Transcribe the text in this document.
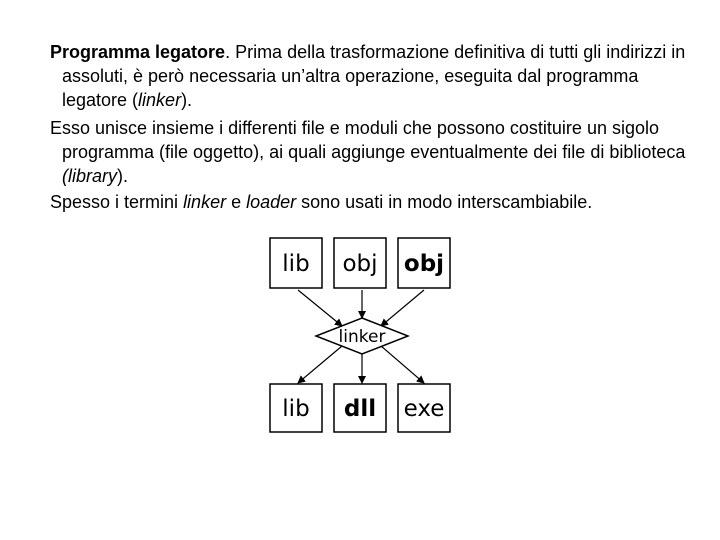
Programma legatore. Prima della trasformazione definitiva di tutti gli indirizzi in assoluti, è però necessaria un’altra operazione, eseguita dal programma legatore (linker).

Esso unisce insieme i differenti file e moduli che possono costituire un sigolo programma (file oggetto), ai quali aggiunge eventualmente dei file di biblioteca (library).

Spesso i termini linker e loader sono usati in modo interscambiabile.

lib obj obj
linker
lib dll exe
